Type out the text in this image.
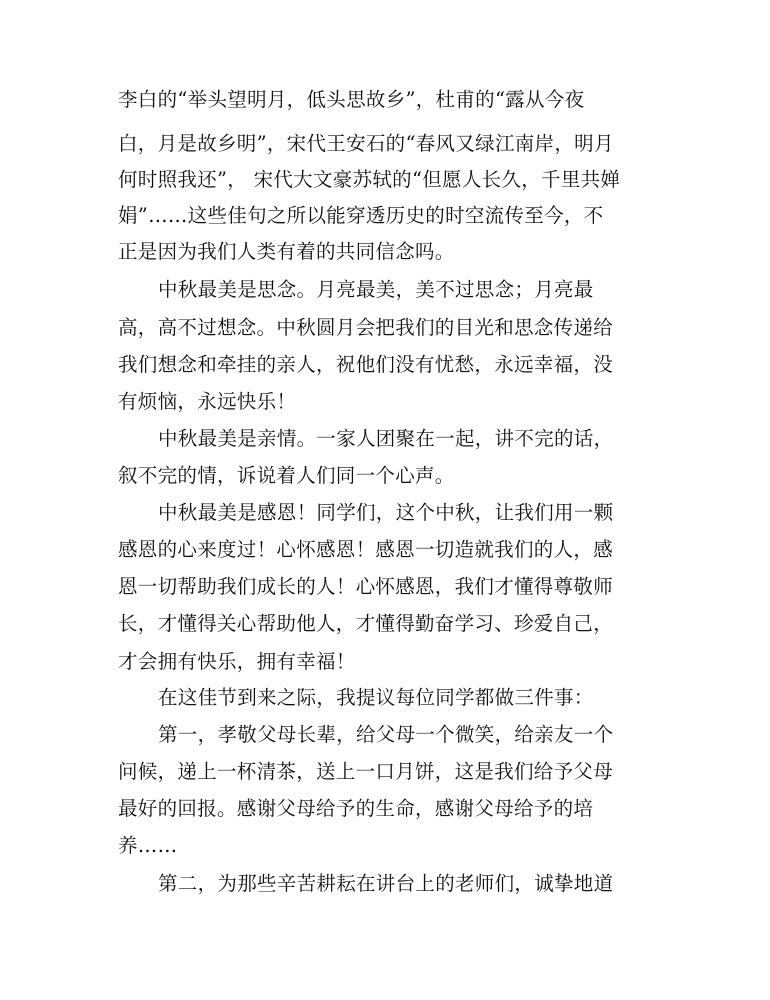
李白的“举头望明月，低头思故乡”，杜甫的“露从今夜
白，月是故乡明”，宋代王安石的“春风又绿江南岸，明月
何时照我还”， 宋代大文豪苏轼的“但愿人长久，千里共婵
娟”……这些佳句之所以能穿透历史的时空流传至今，不
正是因为我们人类有着的共同信念吗。
中秋最美是思念。月亮最美，美不过思念；月亮最
高，高不过想念。中秋圆月会把我们的目光和思念传递给
我们想念和牵挂的亲人，祝他们没有忧愁，永远幸福，没
有烦恼，永远快乐！
中秋最美是亲情。一家人团聚在一起，讲不完的话，
叙不完的情，诉说着人们同一个心声。
中秋最美是感恩！同学们，这个中秋，让我们用一颗
感恩的心来度过！心怀感恩！感恩一切造就我们的人，感
恩一切帮助我们成长的人！心怀感恩，我们才懂得尊敬师
长，才懂得关心帮助他人，才懂得勤奋学习、珍爱自己，
才会拥有快乐，拥有幸福！
在这佳节到来之际，我提议每位同学都做三件事：
第一，孝敬父母长辈，给父母一个微笑，给亲友一个
问候，递上一杯清茶，送上一口月饼，这是我们给予父母
最好的回报。感谢父母给予的生命，感谢父母给予的培
养……
第二，为那些辛苦耕耘在讲台上的老师们，诚挚地道
